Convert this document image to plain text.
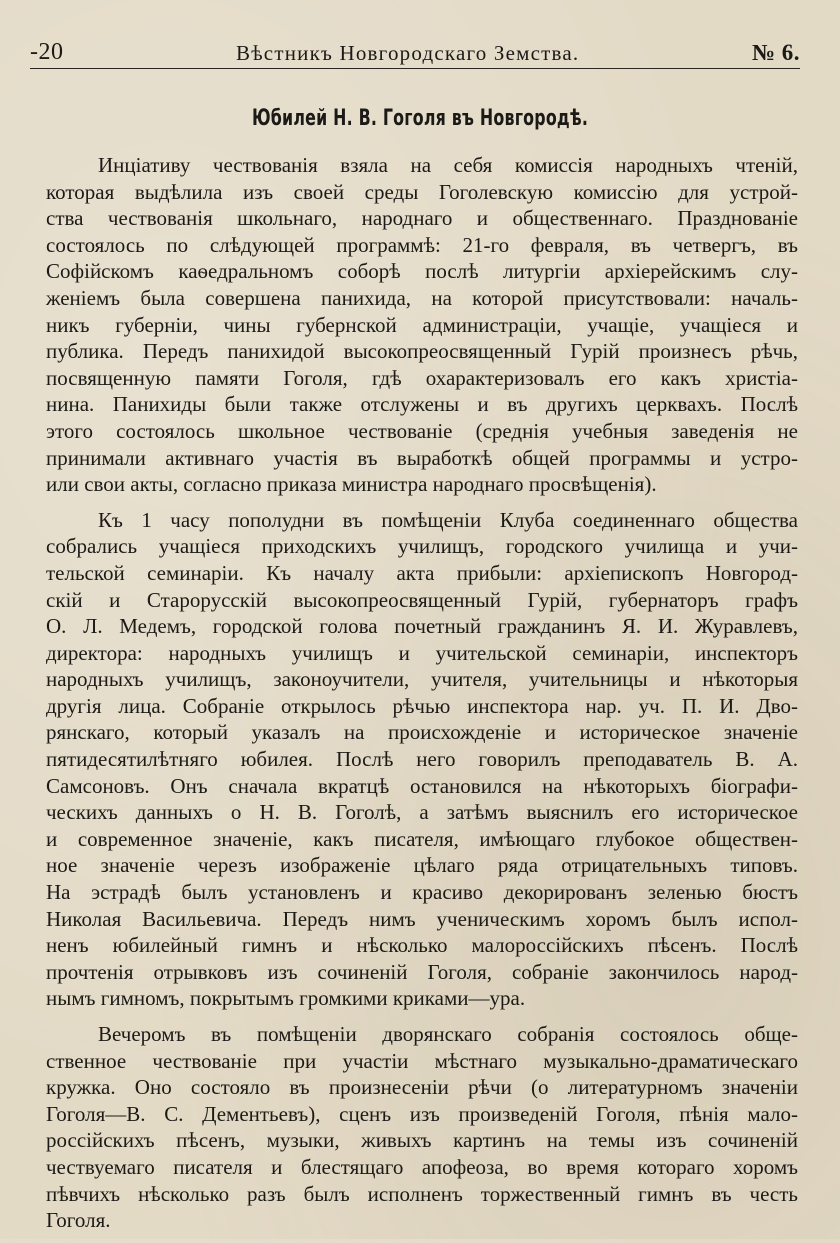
-20	Вѣстникъ Новгородскаго Земства.	№ 6.
Юбилей Н. В. Гоголя въ Новгородѣ.
Инціативу чествованія взяла на себя комиссія народныхъ чтеній,
которая выдѣлила изъ своей среды Гоголевскую комиссію для устрой-
ства чествованія школьнаго, народнаго и общественнаго. Празднованіе
состоялось по слѣдующей программѣ: 21-го февраля, въ четвергъ, въ
Софійскомъ каѳедральномъ соборѣ послѣ литургіи архіерейскимъ слу-
женіемъ была совершена панихида, на которой присутствовали: началь-
никъ губерніи, чины губернской администраціи, учащіе, учащіеся и
публика. Передъ панихидой высокопреосвященный Гурій произнесъ рѣчь,
посвященную памяти Гоголя, гдѣ охарактеризовалъ его какъ христіа-
нина. Панихиды были также отслужены и въ другихъ церквахъ. Послѣ
этого состоялось школьное чествованіе (среднія учебныя заведенія не
принимали активнаго участія въ выработкѣ общей программы и устро-
или свои акты, согласно приказа министра народнаго просвѣщенія).
Къ 1 часу пополудни въ помѣщеніи Клуба соединеннаго общества
собрались учащіеся приходскихъ училищъ, городского училища и учи-
тельской семинаріи. Къ началу акта прибыли: архіепископъ Новгород-
скій и Старорусскій высокопреосвященный Гурій, губернаторъ графъ
О. Л. Медемъ, городской голова почетный гражданинъ Я. И. Журавлевъ,
директора: народныхъ училищъ и учительской семинаріи, инспекторъ
народныхъ училищъ, законоучители, учителя, учительницы и нѣкоторыя
другія лица. Собраніе открылось рѣчью инспектора нар. уч. П. И. Дво-
рянскаго, который указалъ на происхожденіе и историческое значеніе
пятидесятилѣтняго юбилея. Послѣ него говорилъ преподаватель В. А.
Самсоновъ. Онъ сначала вкратцѣ остановился на нѣкоторыхъ біографи-
ческихъ данныхъ о Н. В. Гоголѣ, а затѣмъ выяснилъ его историческое
и современное значеніе, какъ писателя, имѣющаго глубокое обществен-
ное значеніе черезъ изображеніе цѣлаго ряда отрицательныхъ типовъ.
На эстрадѣ былъ установленъ и красиво декорированъ зеленью бюстъ
Николая Васильевича. Передъ нимъ ученическимъ хоромъ былъ испол-
ненъ юбилейный гимнъ и нѣсколько малороссійскихъ пѣсенъ. Послѣ
прочтенія отрывковъ изъ сочиненій Гоголя, собраніе закончилось народ-
нымъ гимномъ, покрытымъ громкими криками—ура.
Вечеромъ въ помѣщеніи дворянскаго собранія состоялось обще-
ственное чествованіе при участіи мѣстнаго музыкально-драматическаго
кружка. Оно состояло въ произнесеніи рѣчи (о литературномъ значеніи
Гоголя—В. С. Дементьевъ), сценъ изъ произведеній Гоголя, пѣнія мало-
россійскихъ пѣсенъ, музыки, живыхъ картинъ на темы изъ сочиненій
чествуемаго писателя и блестящаго апофеоза, во время котораго хоромъ
пѣвчихъ нѣсколько разъ былъ исполненъ торжественный гимнъ въ честь
Гоголя.
